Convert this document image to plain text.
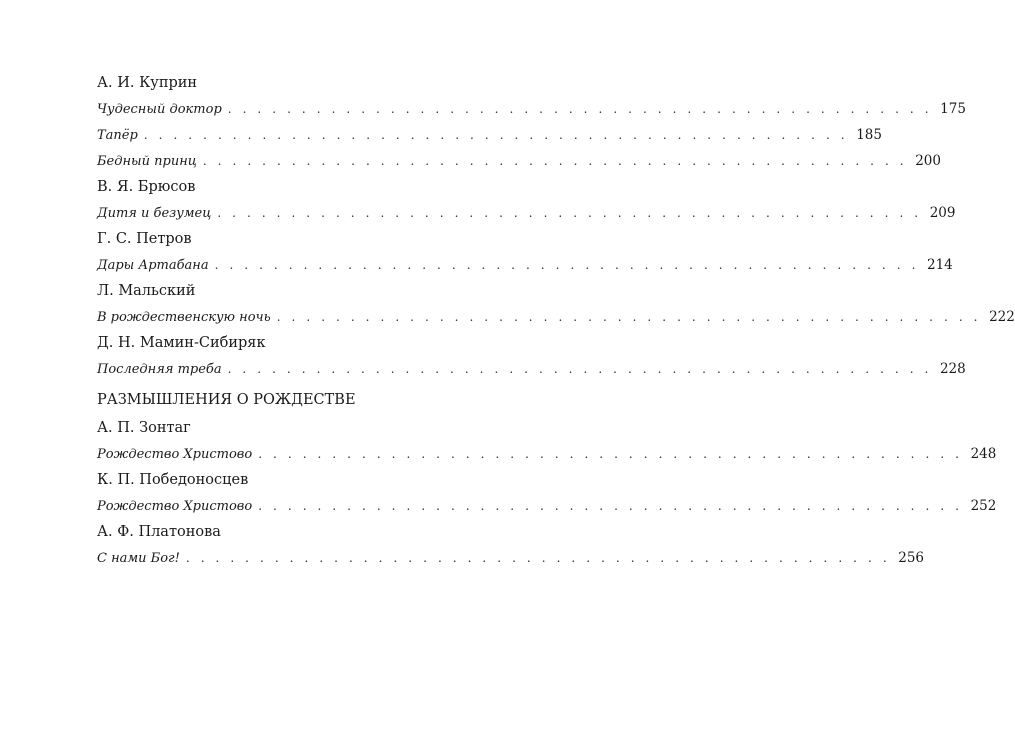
А. И. Куприн
Чудесный доктор . . . . . . . . . . . . . . . . . . . . . . . . . . . . . . . . . . . . . . . . . . . . . . . . 175
Тапёр . . . . . . . . . . . . . . . . . . . . . . . . . . . . . . . . . . . . . . . . . . . . . . . . 185
Бедный принц . . . . . . . . . . . . . . . . . . . . . . . . . . . . . . . . . . . . . . . . . . . . . . . . 200
В. Я. Брюсов
Дитя и безумец . . . . . . . . . . . . . . . . . . . . . . . . . . . . . . . . . . . . . . . . . . . . . . . . 209
Г. С. Петров
Дары Артабана . . . . . . . . . . . . . . . . . . . . . . . . . . . . . . . . . . . . . . . . . . . . . . . . 214
Л. Мальский
В рождественскую ночь . . . . . . . . . . . . . . . . . . . . . . . . . . . . . . . . . . . . . . . . . . . . . . . . 222
Д. Н. Мамин-Сибиряк
Последняя треба . . . . . . . . . . . . . . . . . . . . . . . . . . . . . . . . . . . . . . . . . . . . . . . . 228
РАЗМЫШЛЕНИЯ О РОЖДЕСТВЕ
А. П. Зонтаг
Рождество Христово . . . . . . . . . . . . . . . . . . . . . . . . . . . . . . . . . . . . . . . . . . . . . . . . 248
К. П. Победоносцев
Рождество Христово . . . . . . . . . . . . . . . . . . . . . . . . . . . . . . . . . . . . . . . . . . . . . . . . 252
А. Ф. Платонова
С нами Бог! . . . . . . . . . . . . . . . . . . . . . . . . . . . . . . . . . . . . . . . . . . . . . . . . 256
